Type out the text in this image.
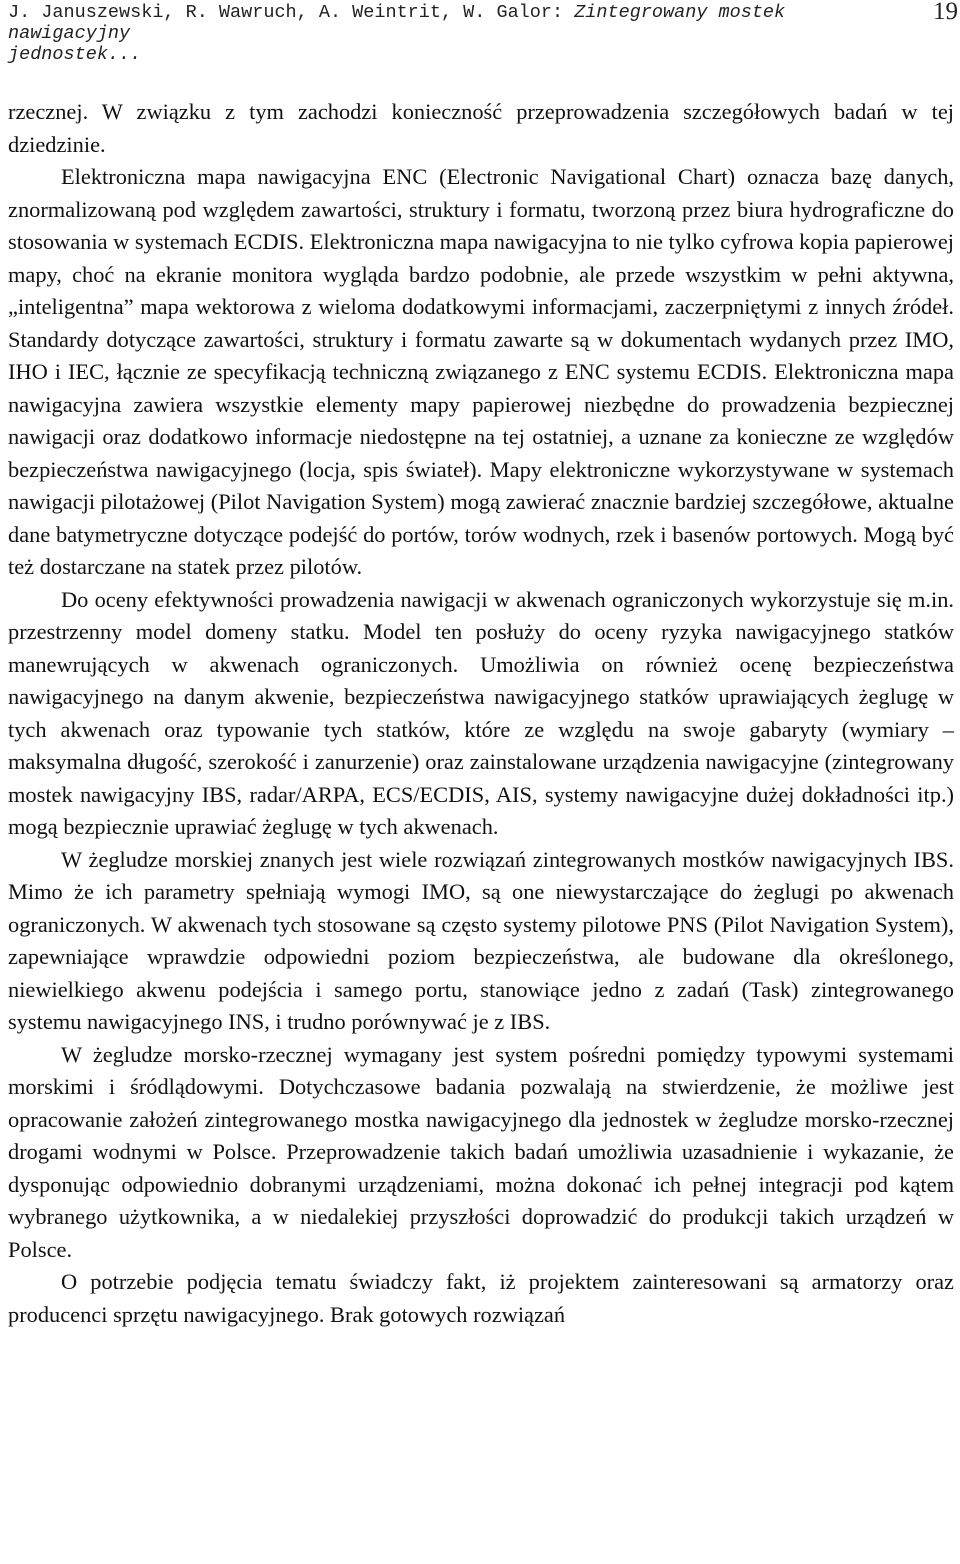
J. Januszewski, R. Wawruch, A. Weintrit, W. Galor: Zintegrowany mostek nawigacyjny
jednostek...
19

rzecznej. W związku z tym zachodzi konieczność przeprowadzenia szczegółowych badań w tej dziedzinie.

Elektroniczna mapa nawigacyjna ENC (Electronic Navigational Chart) oznacza bazę danych, znormalizowaną pod względem zawartości, struktury i formatu, tworzoną przez biura hydrograficzne do stosowania w systemach ECDIS. Elektroniczna mapa nawigacyjna to nie tylko cyfrowa kopia papierowej mapy, choć na ekranie monitora wygląda bardzo podobnie, ale przede wszystkim w pełni aktywna, „inteligentna” mapa wektorowa z wieloma dodatkowymi informacjami, zaczerpniętymi z innych źródeł. Standardy dotyczące zawartości, struktury i formatu zawarte są w dokumentach wydanych przez IMO, IHO i IEC, łącznie ze specyfikacją techniczną związanego z ENC systemu ECDIS. Elektroniczna mapa nawigacyjna zawiera wszystkie elementy mapy papierowej niezbędne do prowadzenia bezpiecznej nawigacji oraz dodatkowo informacje niedostępne na tej ostatniej, a uznane za konieczne ze względów bezpieczeństwa nawigacyjnego (locja, spis świateł). Mapy elektroniczne wykorzystywane w systemach nawigacji pilotażowej (Pilot Navigation System) mogą zawierać znacznie bardziej szczegółowe, aktualne dane batymetryczne dotyczące podejść do portów, torów wodnych, rzek i basenów portowych. Mogą być też dostarczane na statek przez pilotów.

Do oceny efektywności prowadzenia nawigacji w akwenach ograniczonych wykorzystuje się m.in. przestrzenny model domeny statku. Model ten posłuży do oceny ryzyka nawigacyjnego statków manewrujących w akwenach ograniczonych. Umożliwia on również ocenę bezpieczeństwa nawigacyjnego na danym akwenie, bezpieczeństwa nawigacyjnego statków uprawiających żeglugę w tych akwenach oraz typowanie tych statków, które ze względu na swoje gabaryty (wymiary – maksymalna długość, szerokość i zanurzenie) oraz zainstalowane urządzenia nawigacyjne (zintegrowany mostek nawigacyjny IBS, radar/ARPA, ECS/ECDIS, AIS, systemy nawigacyjne dużej dokładności itp.) mogą bezpiecznie uprawiać żeglugę w tych akwenach.

W żegludze morskiej znanych jest wiele rozwiązań zintegrowanych mostków nawigacyjnych IBS. Mimo że ich parametry spełniają wymogi IMO, są one niewystarczające do żeglugi po akwenach ograniczonych. W akwenach tych stosowane są często systemy pilotowe PNS (Pilot Navigation System), zapewniające wprawdzie odpowiedni poziom bezpieczeństwa, ale budowane dla określonego, niewielkiego akwenu podejścia i samego portu, stanowiące jedno z zadań (Task) zintegrowanego systemu nawigacyjnego INS, i trudno porównywać je z IBS.

W żegludze morsko-rzecznej wymagany jest system pośredni pomiędzy typowymi systemami morskimi i śródlądowymi. Dotychczasowe badania pozwalają na stwierdzenie, że możliwe jest opracowanie założeń zintegrowanego mostka nawigacyjnego dla jednostek w żegludze morsko-rzecznej drogami wodnymi w Polsce. Przeprowadzenie takich badań umożliwia uzasadnienie i wykazanie, że dysponując odpowiednio dobranymi urządzeniami, można dokonać ich pełnej integracji pod kątem wybranego użytkownika, a w niedalekiej przyszłości doprowadzić do produkcji takich urządzeń w Polsce.

O potrzebie podjęcia tematu świadczy fakt, iż projektem zainteresowani są armatorzy oraz producenci sprzętu nawigacyjnego. Brak gotowych rozwiązań
